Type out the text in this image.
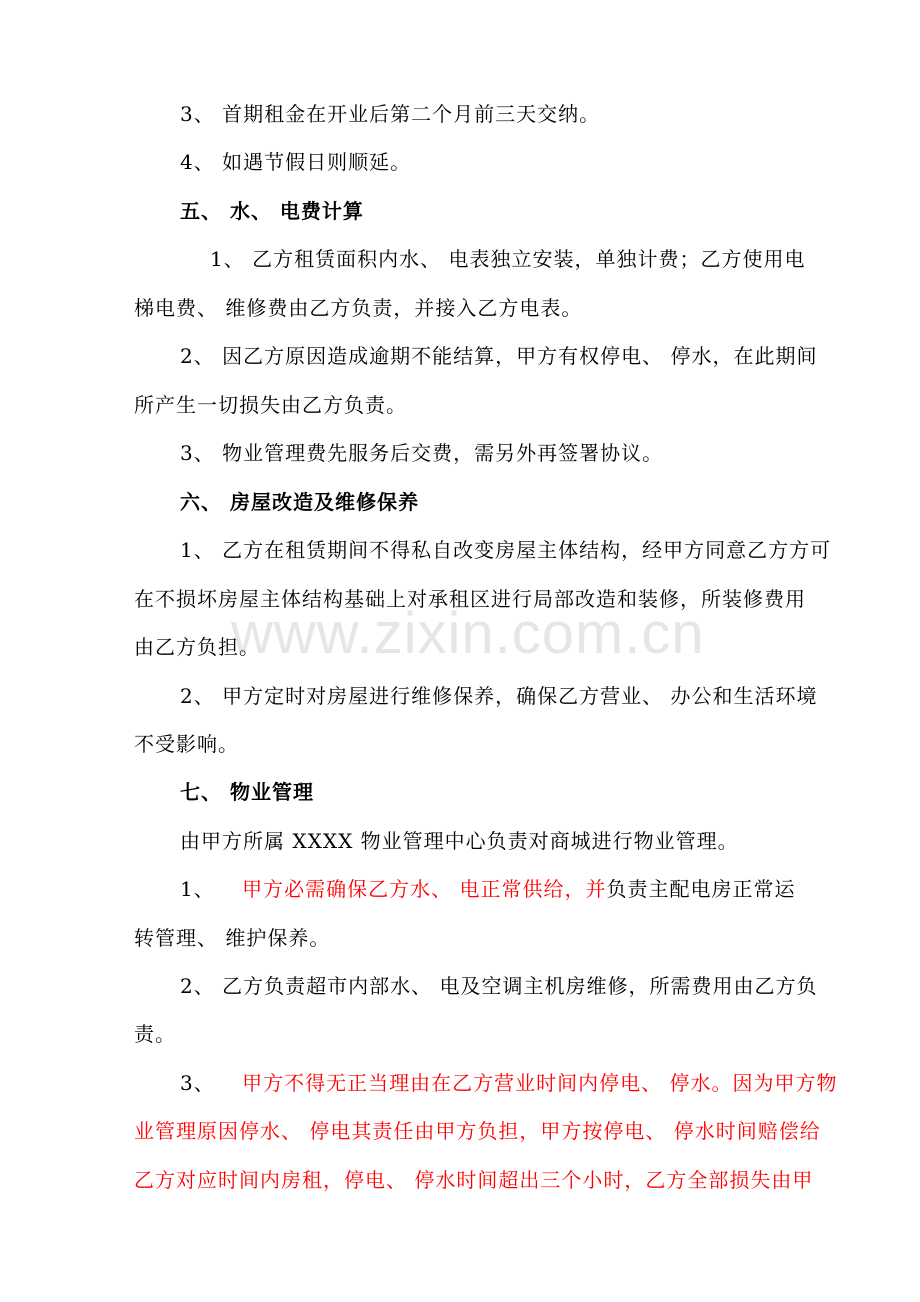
www.zixin.com.cn
3、 首期租金在开业后第二个月前三天交纳。
4、 如遇节假日则顺延。
五、 水、 电费计算
1、 乙方租赁面积内水、 电表独立安装，单独计费；乙方使用电
梯电费、 维修费由乙方负责，并接入乙方电表。
2、 因乙方原因造成逾期不能结算，甲方有权停电、 停水，在此期间
所产生一切损失由乙方负责。
3、 物业管理费先服务后交费，需另外再签署协议。
六、 房屋改造及维修保养
1、 乙方在租赁期间不得私自改变房屋主体结构，经甲方同意乙方方可
在不损坏房屋主体结构基础上对承租区进行局部改造和装修，所装修费用
由乙方负担。
2、 甲方定时对房屋进行维修保养，确保乙方营业、 办公和生活环境
不受影响。
七、 物业管理
由甲方所属 XXXX 物业管理中心负责对商城进行物业管理。
1、 甲方必需确保乙方水、 电正常供给，并负责主配电房正常运
转管理、 维护保养。
2、 乙方负责超市内部水、 电及空调主机房维修，所需费用由乙方负
责。
3、 甲方不得无正当理由在乙方营业时间内停电、 停水。因为甲方物
业管理原因停水、 停电其责任由甲方负担，甲方按停电、 停水时间赔偿给
乙方对应时间内房租，停电、 停水时间超出三个小时，乙方全部损失由甲
